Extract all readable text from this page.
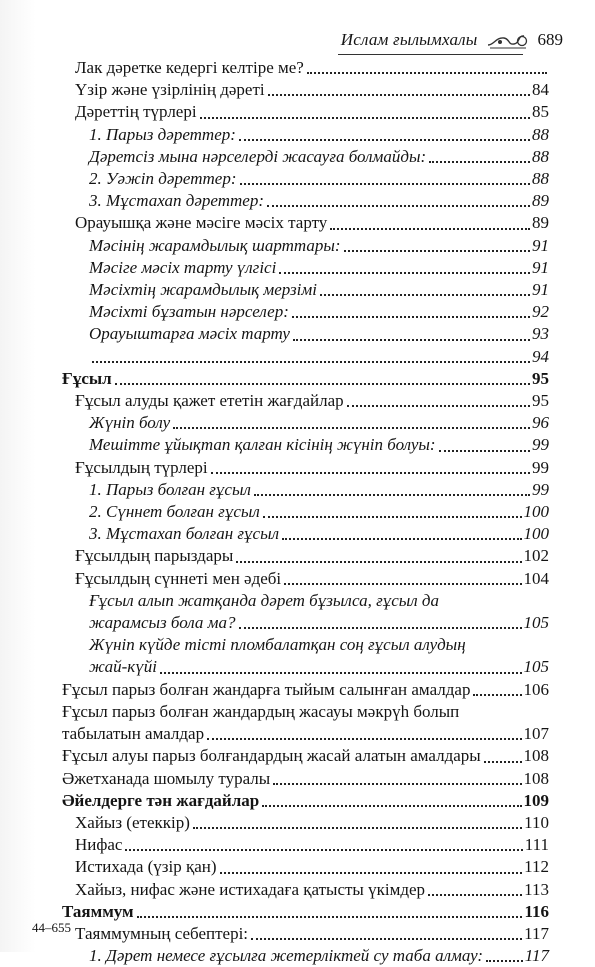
Ислам ғылымхалы	689
Лак дәретке кедергі келтіре ме?
Үзір және үзірлінің дәреті	84
Дәреттің түрлері	85
1. Парыз дәреттер:	88
Дәретсіз мына нәрселерді жасауға болмайды:	88
2. Уәжіп дәреттер:	88
3. Мұстахап дәреттер:	89
Орауышқа және мәсіге мәсіх тарту	89
Мәсінің жарамдылық шарттары:	91
Мәсіге мәсіх тарту үлгісі	91
Мәсіхтің жарамдылық мерзімі	91
Мәсіхті бұзатын нәрселер:	92
Орауыштарға мәсіх тарту	93
94
Ғұсыл	95
Ғұсыл алуды қажет ететін жағдайлар	95
Жүніп болу	96
Мешітте ұйықтап қалған кісінің жүніп болуы:	99
Ғұсылдың түрлері	99
1. Парыз болған ғұсыл	99
2. Сүннет болған ғұсыл	100
3. Мұстахап болған ғұсыл	100
Ғұсылдың парыздары	102
Ғұсылдың сүннеті мен әдебі	104
Ғұсыл алып жатқанда дәрет бұзылса, ғұсыл да
жарамсыз бола ма?	105
Жүніп күйде тісті пломбалатқан соң ғұсыл алудың
жай-күйі	105
Ғұсыл парыз болған жандарға тыйым салынған амалдар	106
Ғұсыл парыз болған жандардың жасауы мәкрүһ болып
табылатын амалдар	107
Ғұсыл алуы парыз болғандардың жасай алатын амалдары	108
Әжетханада шомылу туралы	108
Әйелдерге тән жағдайлар	109
Хайыз (етеккір)	110
Нифас	111
Истихада (үзір қан)	112
Хайыз, нифас және истихадаға қатысты үкімдер	113
Таяммум	116
Таяммумның себептері:	117
1. Дәрет немесе ғұсылға жетерліктей су таба алмау: 117
44–655
